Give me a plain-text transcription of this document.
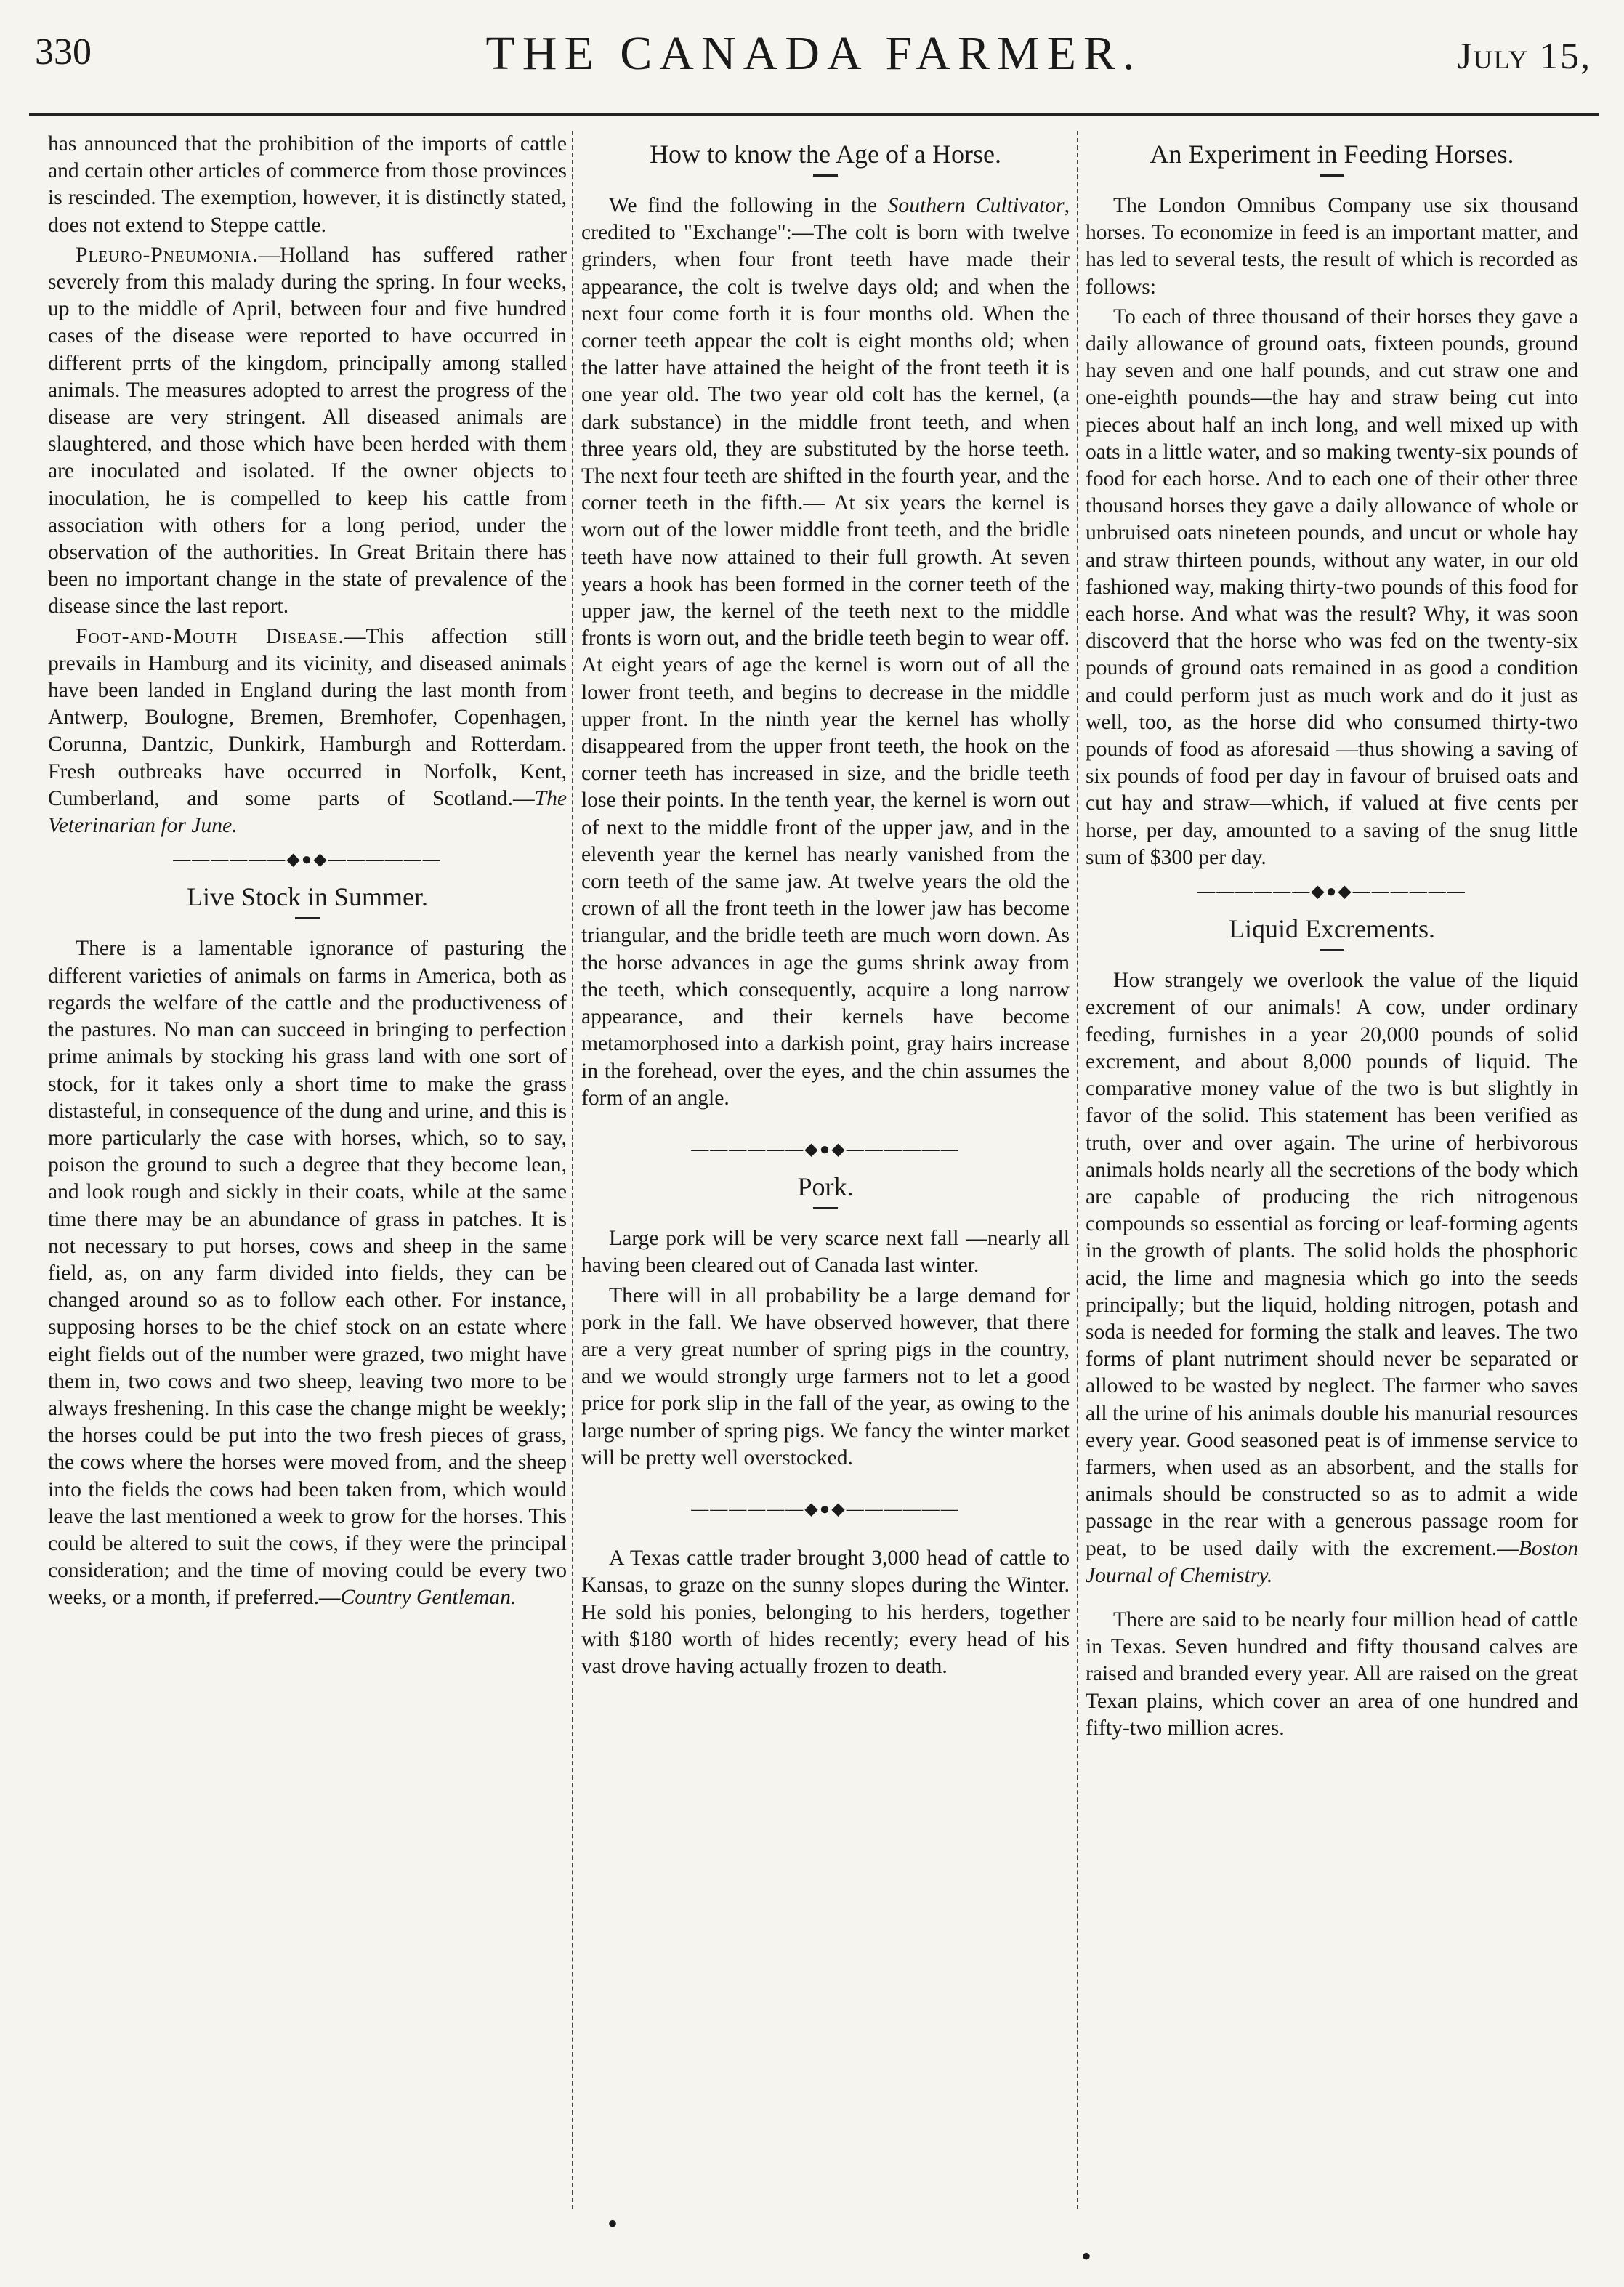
330	THE CANADA FARMER.	July 15,

has announced that the prohibition of the imports of cattle and certain other articles of commerce from those provinces is rescinded. The exemption, however, it is distinctly stated, does not extend to Steppe cattle.

Pleuro-Pneumonia.—Holland has suffered rather severely from this malady during the spring. In four weeks, up to the middle of April, between four and five hundred cases of the disease were reported to have occurred in different prrts of the kingdom, principally among stalled animals. The measures adopted to arrest the progress of the disease are very stringent. All diseased animals are slaughtered, and those which have been herded with them are inoculated and isolated. If the owner objects to inoculation, he is compelled to keep his cattle from association with others for a long period, under the observation of the authorities. In Great Britain there has been no important change in the state of prevalence of the disease since the last report.

Foot-and-Mouth Disease.—This affection still prevails in Hamburg and its vicinity, and diseased animals have been landed in England during the last month from Antwerp, Boulogne, Bremen, Bremhofer, Copenhagen, Corunna, Dantzic, Dunkirk, Hamburgh and Rotterdam. Fresh outbreaks have occurred in Norfolk, Kent, Cumberland, and some parts of Scotland.—The Veterinarian for June.

——————◆●◆——————
Live Stock in Summer.

There is a lamentable ignorance of pasturing the different varieties of animals on farms in America, both as regards the welfare of the cattle and the productiveness of the pastures. No man can succeed in bringing to perfection prime animals by stocking his grass land with one sort of stock, for it takes only a short time to make the grass distasteful, in consequence of the dung and urine, and this is more particularly the case with horses, which, so to say, poison the ground to such a degree that they become lean, and look rough and sickly in their coats, while at the same time there may be an abundance of grass in patches. It is not necessary to put horses, cows and sheep in the same field, as, on any farm divided into fields, they can be changed around so as to follow each other. For instance, supposing horses to be the chief stock on an estate where eight fields out of the number were grazed, two might have them in, two cows and two sheep, leaving two more to be always freshening. In this case the change might be weekly; the horses could be put into the two fresh pieces of grass, the cows where the horses were moved from, and the sheep into the fields the cows had been taken from, which would leave the last mentioned a week to grow for the horses. This could be altered to suit the cows, if they were the principal consideration; and the time of moving could be every two weeks, or a month, if preferred.—Country Gentleman.

How to know the Age of a Horse.

We find the following in the Southern Cultivator, credited to "Exchange":—The colt is born with twelve grinders, when four front teeth have made their appearance, the colt is twelve days old; and when the next four come forth it is four months old. When the corner teeth appear the colt is eight months old; when the latter have attained the height of the front teeth it is one year old. The two year old colt has the kernel, (a dark substance) in the middle front teeth, and when three years old, they are substituted by the horse teeth. The next four teeth are shifted in the fourth year, and the corner teeth in the fifth.— At six years the kernel is worn out of the lower middle front teeth, and the bridle teeth have now attained to their full growth. At seven years a hook has been formed in the corner teeth of the upper jaw, the kernel of the teeth next to the middle fronts is worn out, and the bridle teeth begin to wear off. At eight years of age the kernel is worn out of all the lower front teeth, and begins to decrease in the middle upper front. In the ninth year the kernel has wholly disappeared from the upper front teeth, the hook on the corner teeth has increased in size, and the bridle teeth lose their points. In the tenth year, the kernel is worn out of next to the middle front of the upper jaw, and in the eleventh year the kernel has nearly vanished from the corn teeth of the same jaw. At twelve years the old the crown of all the front teeth in the lower jaw has become triangular, and the bridle teeth are much worn down. As the horse advances in age the gums shrink away from the teeth, which consequently, acquire a long narrow appearance, and their kernels have become metamorphosed into a darkish point, gray hairs increase in the forehead, over the eyes, and the chin assumes the form of an angle.

——————◆●◆——————
Pork.

Large pork will be very scarce next fall —nearly all having been cleared out of Canada last winter.

There will in all probability be a large demand for pork in the fall. We have observed however, that there are a very great number of spring pigs in the country, and we would strongly urge farmers not to let a good price for pork slip in the fall of the year, as owing to the large number of spring pigs. We fancy the winter market will be pretty well overstocked.

——————◆●◆——————

A Texas cattle trader brought 3,000 head of cattle to Kansas, to graze on the sunny slopes during the Winter. He sold his ponies, belonging to his herders, together with $180 worth of hides recently; every head of his vast drove having actually frozen to death.

An Experiment in Feeding Horses.

The London Omnibus Company use six thousand horses. To economize in feed is an important matter, and has led to several tests, the result of which is recorded as follows:

To each of three thousand of their horses they gave a daily allowance of ground oats, fixteen pounds, ground hay seven and one half pounds, and cut straw one and one-eighth pounds—the hay and straw being cut into pieces about half an inch long, and well mixed up with oats in a little water, and so making twenty-six pounds of food for each horse. And to each one of their other three thousand horses they gave a daily allowance of whole or unbruised oats nineteen pounds, and uncut or whole hay and straw thirteen pounds, without any water, in our old fashioned way, making thirty-two pounds of this food for each horse. And what was the result? Why, it was soon discoverd that the horse who was fed on the twenty-six pounds of ground oats remained in as good a condition and could perform just as much work and do it just as well, too, as the horse did who consumed thirty-two pounds of food as aforesaid —thus showing a saving of six pounds of food per day in favour of bruised oats and cut hay and straw—which, if valued at five cents per horse, per day, amounted to a saving of the snug little sum of $300 per day.

——————◆●◆——————
Liquid Excrements.

How strangely we overlook the value of the liquid excrement of our animals! A cow, under ordinary feeding, furnishes in a year 20,000 pounds of solid excrement, and about 8,000 pounds of liquid. The comparative money value of the two is but slightly in favor of the solid. This statement has been verified as truth, over and over again. The urine of herbivorous animals holds nearly all the secretions of the body which are capable of producing the rich nitrogenous compounds so essential as forcing or leaf-forming agents in the growth of plants. The solid holds the phosphoric acid, the lime and magnesia which go into the seeds principally; but the liquid, holding nitrogen, potash and soda is needed for forming the stalk and leaves. The two forms of plant nutriment should never be separated or allowed to be wasted by neglect. The farmer who saves all the urine of his animals double his manurial resources every year. Good seasoned peat is of immense service to farmers, when used as an absorbent, and the stalls for animals should be constructed so as to admit a wide passage in the rear with a generous passage room for peat, to be used daily with the excrement.—Boston Journal of Chemistry.

There are said to be nearly four million head of cattle in Texas. Seven hundred and fifty thousand calves are raised and branded every year. All are raised on the great Texan plains, which cover an area of one hundred and fifty-two million acres.

•
•
